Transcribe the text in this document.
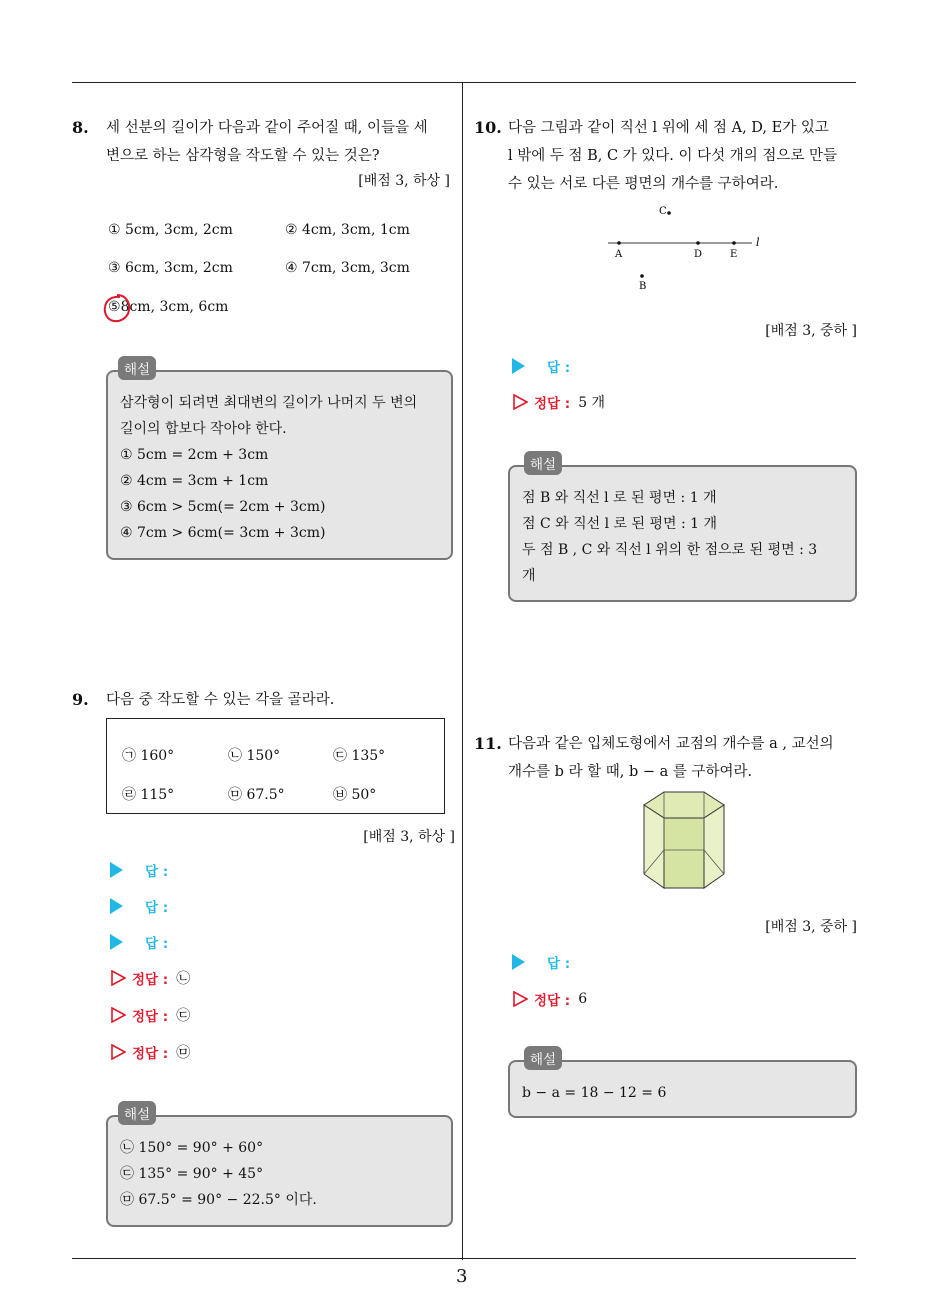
8. 세 선분의 길이가 다음과 같이 주어질 때, 이들을 세
변으로 하는 삼각형을 작도할 수 있는 것은?
[배점 3, 하상 ]
① 5cm, 3cm, 2cm	② 4cm, 3cm, 1cm
③ 6cm, 3cm, 2cm	④ 7cm, 3cm, 3cm
⑤8cm, 3cm, 6cm
삼각형이 되려면 최대변의 길이가 나머지 두 변의
길이의 합보다 작아야 한다.
① 5cm = 2cm + 3cm
② 4cm = 3cm + 1cm
③ 6cm > 5cm(= 2cm + 3cm)
④ 7cm > 6cm(= 3cm + 3cm)
해설
9. 다음 중 작도할 수 있는 각을 골라라.
㉠ 160°	㉡ 150°	㉢ 135°
㉣ 115°	㉤ 67.5°	㉥ 50°
[배점 3, 하상 ]
답 :
답 :
답 :
정답 : ㉡
정답 : ㉢
정답 : ㉤
㉡ 150° = 90° + 60°
㉢ 135° = 90° + 45°
㉤ 67.5° = 90° − 22.5° 이다.
해설
10. 다음 그림과 같이 직선 l 위에 세 점 A, D, E가 있고
l 밖에 두 점 B, C 가 있다. 이 다섯 개의 점으로 만들
수 있는 서로 다른 평면의 개수를 구하여라.
C
A	D	E
B
l
[배점 3, 중하 ]
답 :
정답 : 5 개
점 B 와 직선 l 로 된 평면 : 1 개
점 C 와 직선 l 로 된 평면 : 1 개
두 점 B , C 와 직선 l 위의 한 점으로 된 평면 : 3
개
해설
11. 다음과 같은 입체도형에서 교점의 개수를 a , 교선의
개수를 b 라 할 때, b − a 를 구하여라.
[배점 3, 중하 ]
답 :
정답 : 6
b − a = 18 − 12 = 6
해설
3
